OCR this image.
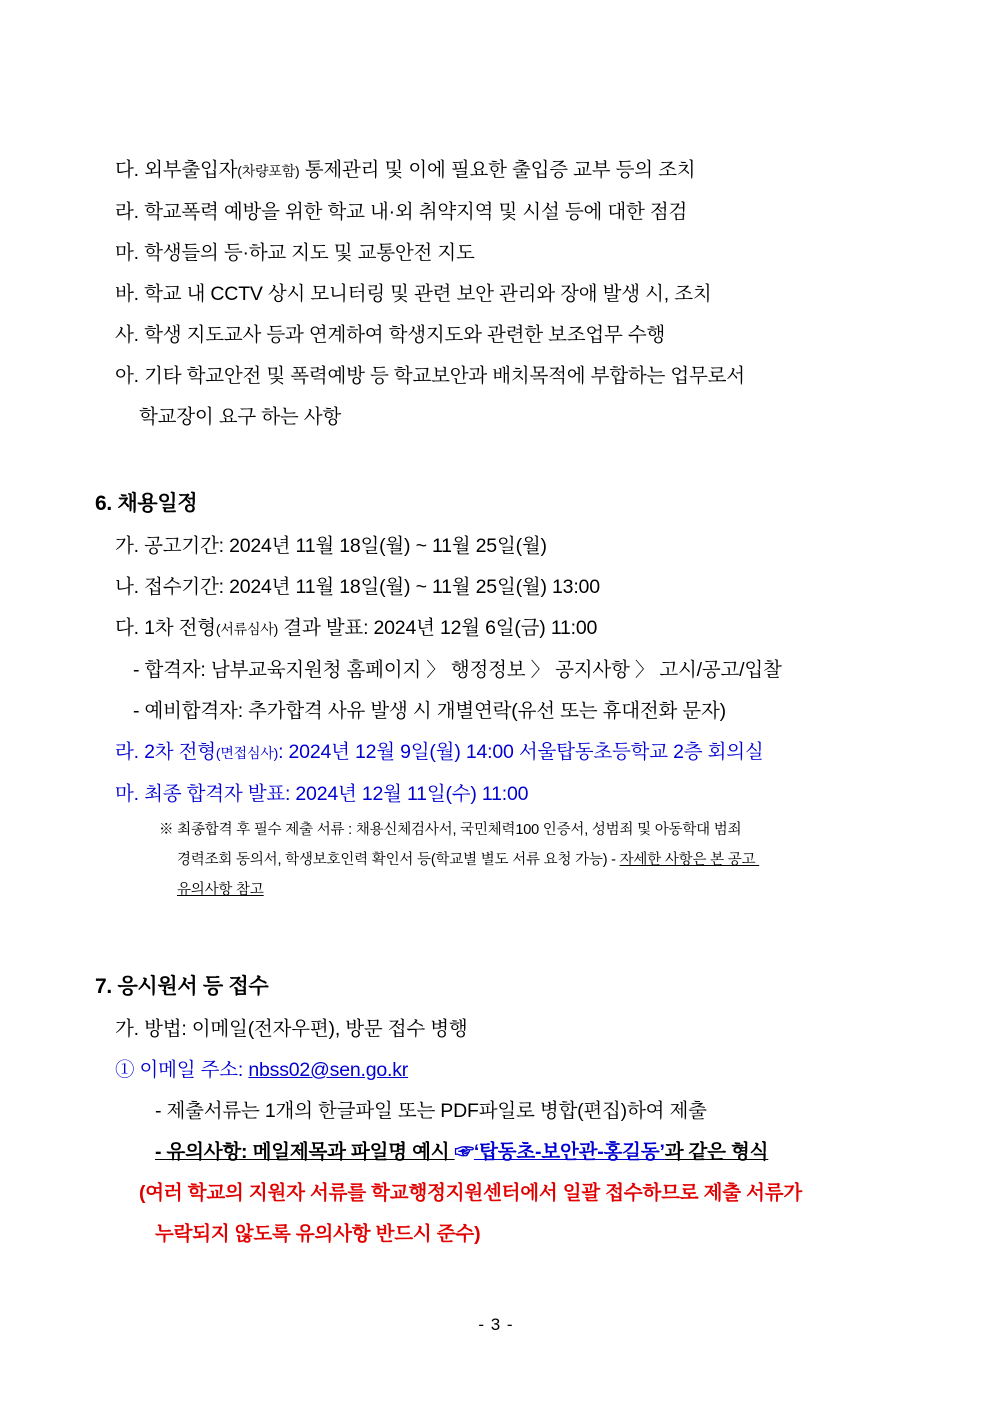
다. 외부출입자(차량포함) 통제관리 및 이에 필요한 출입증 교부 등의 조치
라. 학교폭력 예방을 위한 학교 내·외 취약지역 및 시설 등에 대한 점검
마. 학생들의 등·하교 지도 및 교통안전 지도
바. 학교 내 CCTV 상시 모니터링 및 관련 보안 관리와 장애 발생 시, 조치
사. 학생 지도교사 등과 연계하여 학생지도와 관련한 보조업무 수행
아. 기타 학교안전 및 폭력예방 등 학교보안과 배치목적에 부합하는 업무로서
학교장이 요구 하는 사항
6. 채용일정
가. 공고기간: 2024년 11월 18일(월) ~ 11월 25일(월)
나. 접수기간: 2024년 11월 18일(월) ~ 11월 25일(월) 13:00
다. 1차 전형(서류심사) 결과 발표: 2024년 12월 6일(금) 11:00
- 합격자: 남부교육지원청 홈페이지 〉 행정정보 〉 공지사항 〉 고시/공고/입찰
- 예비합격자: 추가합격 사유 발생 시 개별연락(유선 또는 휴대전화 문자)
라. 2차 전형(면접심사): 2024년 12월 9일(월) 14:00 서울탑동초등학교 2층 회의실
마. 최종 합격자 발표: 2024년 12월 11일(수) 11:00
※ 최종합격 후 필수 제출 서류 : 채용신체검사서, 국민체력100 인증서, 성범죄 및 아동학대 범죄
경력조회 동의서, 학생보호인력 확인서 등(학교별 별도 서류 요청 가능) - 자세한 사항은 본 공고
유의사항 참고
7. 응시원서 등 접수
가. 방법: 이메일(전자우편), 방문 접수 병행
① 이메일 주소: nbss02@sen.go.kr
- 제출서류는 1개의 한글파일 또는 PDF파일로 병합(편집)하여 제출
- 유의사항: 메일제목과 파일명 예시 ☞‘탑동초-보안관-홍길동’과 같은 형식
(여러 학교의 지원자 서류를 학교행정지원센터에서 일괄 접수하므로 제출 서류가
누락되지 않도록 유의사항 반드시 준수)
- 3 -
